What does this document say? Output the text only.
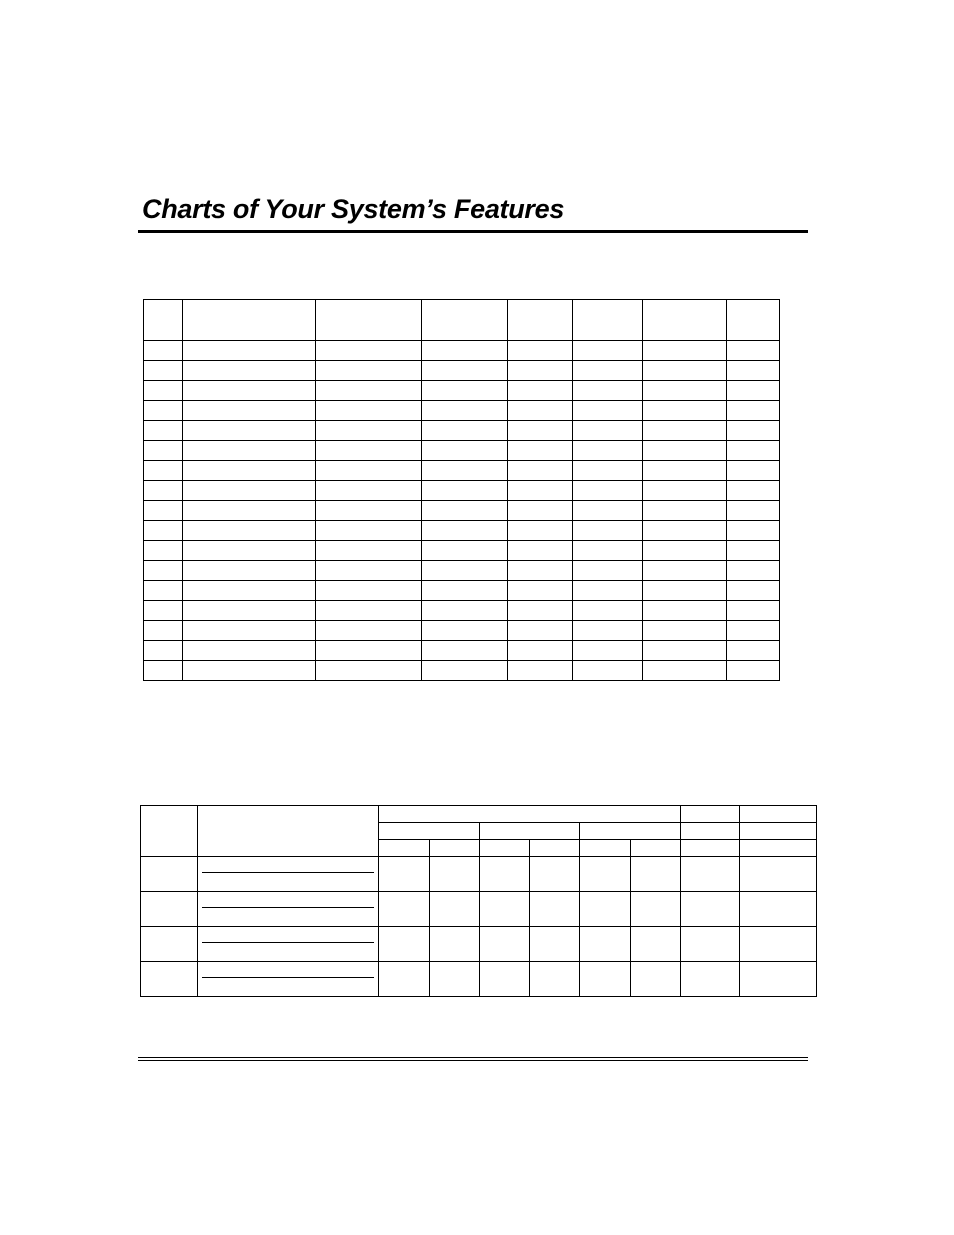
Charts of Your System’s Features
